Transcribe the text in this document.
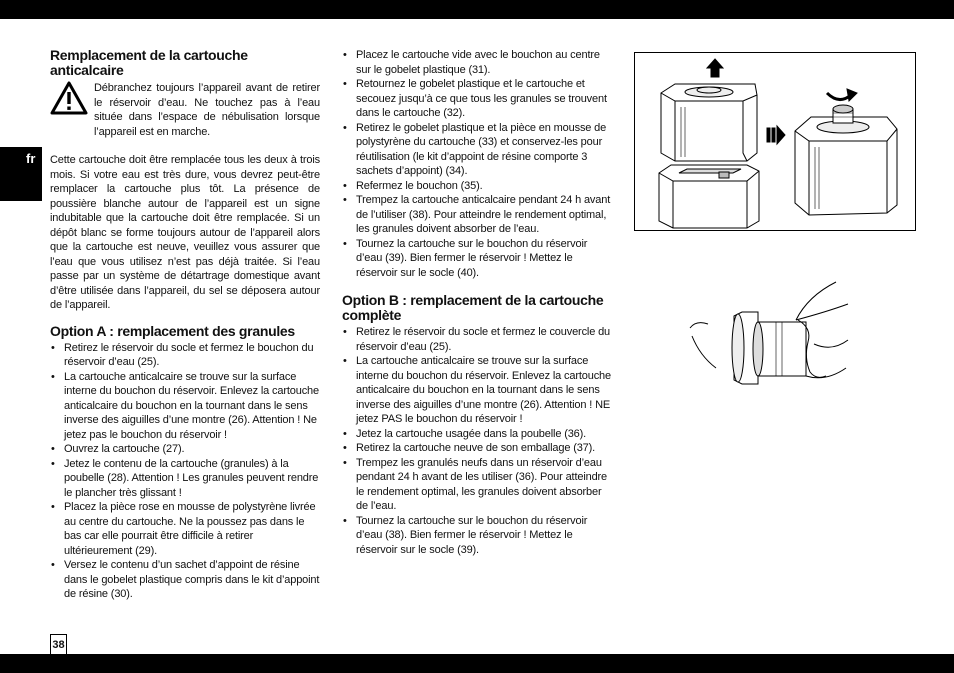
fr
Remplacement de la cartouche anticalcaire

Débranchez toujours l’appareil avant de retirer le réservoir d’eau. Ne touchez pas à l’eau située dans l’espace de nébulisation lorsque l’appareil est en marche.

Cette cartouche doit être remplacée tous les deux à trois mois. Si votre eau est très dure, vous devrez peut-être remplacer la cartouche plus tôt. La présence de poussière blanche autour de l’appareil est un signe indubitable que la cartouche doit être remplacée. Si un dépôt blanc se forme toujours autour de l’appareil alors que la cartouche est neuve, veuillez vous assurer que l’eau que vous utilisez n’est pas déjà traitée. Si l’eau passe par un système de détartrage domestique avant d’être utilisée dans l’appareil, du sel se déposera autour de l’appareil.

Option A : remplacement des granules
• Retirez le réservoir du socle et fermez le bouchon du réservoir d’eau (25).
• La cartouche anticalcaire se trouve sur la surface interne du bouchon du réservoir. Enlevez la cartouche anticalcaire du bouchon en la tournant dans le sens inverse des aiguilles d’une montre (26). Attention ! Ne jetez pas le bouchon du réservoir !
• Ouvrez la cartouche (27).
• Jetez le contenu de la cartouche (granules) à la poubelle (28). Attention ! Les granules peuvent rendre le plancher très glissant !
• Placez la pièce rose en mousse de polystyrène livrée au centre du cartouche. Ne la poussez pas dans le bas car elle pourrait être difficile à retirer ultérieurement (29).
• Versez le contenu d’un sachet d’appoint de résine dans le gobelet plastique compris dans le kit d’appoint de résine (30).
• Placez le cartouche vide avec le bouchon au centre sur le gobelet plastique (31).
• Retournez le gobelet plastique et le cartouche et secouez jusqu’à ce que tous les granules se trouvent dans le cartouche (32).
• Retirez le gobelet plastique et la pièce en mousse de polystyrène du cartouche (33) et conservez-les pour réutilisation (le kit d’appoint de résine comporte 3 sachets d’appoint) (34).
• Refermez le bouchon (35).
• Trempez la cartouche anticalcaire pendant 24 h avant de l’utiliser (38). Pour atteindre le rendement optimal, les granules doivent absorber de l’eau.
• Tournez la cartouche sur le bouchon du réservoir d’eau (39). Bien fermer le réservoir ! Mettez le réservoir sur le socle (40).
Option B : remplacement de la cartouche complète
• Retirez le réservoir du socle et fermez le couvercle du réservoir d’eau (25).
• La cartouche anticalcaire se trouve sur la surface interne du bouchon du réservoir. Enlevez la cartouche anticalcaire du bouchon en la tournant dans le sens inverse des aiguilles d’une montre (26). Attention ! NE jetez PAS le bouchon du réservoir !
• Jetez la cartouche usagée dans la poubelle (36).
• Retirez la cartouche neuve de son emballage (37).
• Trempez les granulés neufs dans un réservoir d’eau pendant 24 h avant de les utiliser (36). Pour atteindre le rendement optimal, les granules doivent absorber de l’eau.
• Tournez la cartouche sur le bouchon du réservoir d’eau (38). Bien fermer le réservoir ! Mettez le réservoir sur le socle (39).
38
